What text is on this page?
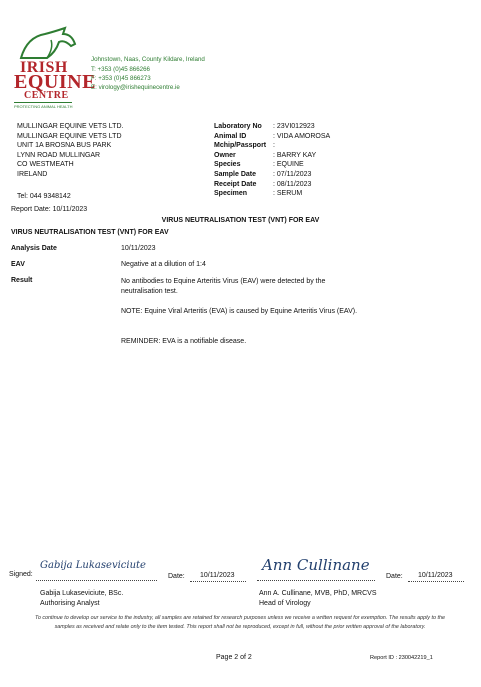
IRISH
EQUINE
CENTRE
PROTECTING ANIMAL HEALTH
Johnstown, Naas, County Kildare, Ireland
T: +353 (0)45 866266
F: +353 (0)45 866273
E: virology@irishequinecentre.ie
MULLINGAR EQUINE VETS LTD.
MULLINGAR EQUINE VETS LTD
UNIT 1A BROSNA BUS PARK
LYNN ROAD MULLINGAR
CO WESTMEATH
IRELAND
Tel: 044 9348142
Report Date: 10/11/2023
Laboratory No	: 23VI012923
Animal ID	: VIDA AMOROSA
Mchip/Passport :
Owner	: BARRY KAY
Species	: EQUINE
Sample Date	: 07/11/2023
Receipt Date	: 08/11/2023
Specimen	: SERUM
VIRUS NEUTRALISATION TEST (VNT) FOR EAV
VIRUS NEUTRALISATION TEST (VNT) FOR EAV
Analysis Date	10/11/2023
EAV	Negative at a dilution of 1:4
Result	No antibodies to Equine Arteritis Virus (EAV) were detected by the neutralisation test.
NOTE: Equine Viral Arteritis (EVA) is caused by Equine Arteritis Virus (EAV).
REMINDER: EVA is a notifiable disease.
Signed:
Gabija Lukaseviciute
Date: 10/11/2023
Gabija Lukaseviciute, BSc.
Authorising Analyst
Ann Cullinane
Date: 10/11/2023
Ann A. Cullinane, MVB, PhD, MRCVS
Head of Virology
To continue to develop our service to the industry, all samples are retained for research purposes unless we receive a written request for exemption. The results apply to the samples as received and relate only to the item tested. This report shall not be reproduced, except in full, without the prior written approval of the laboratory.
Page 2 of 2	Report ID : 230042219_1
